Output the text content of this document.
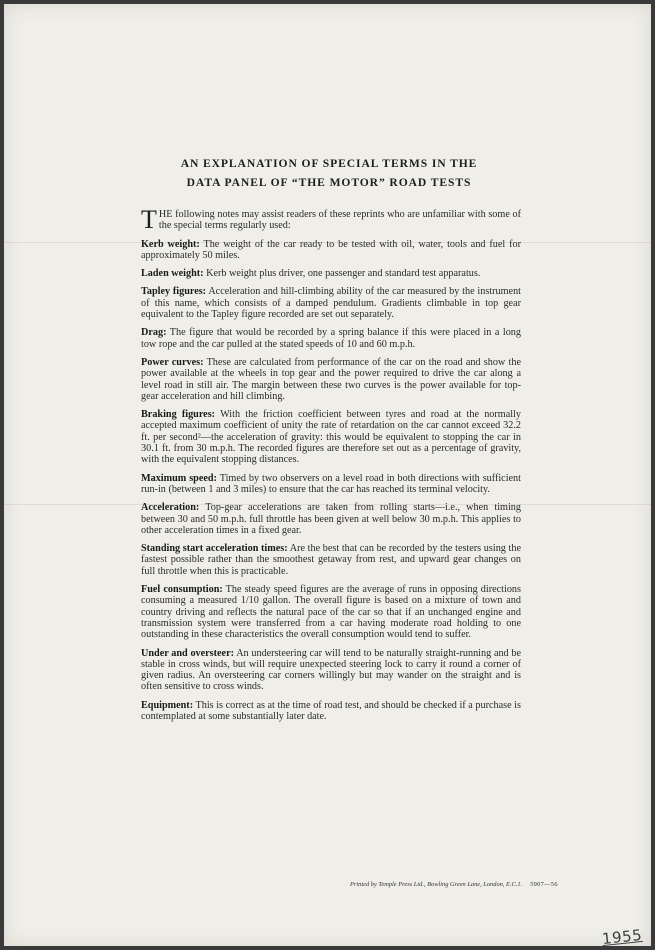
AN EXPLANATION OF SPECIAL TERMS IN THE
DATA PANEL OF “THE MOTOR” ROAD TESTS

THE following notes may assist readers of these reprints who are unfamiliar with some of the special terms regularly used:

Kerb weight: The weight of the car ready to be tested with oil, water, tools and fuel for approximately 50 miles.

Laden weight: Kerb weight plus driver, one passenger and standard test apparatus.

Tapley figures: Acceleration and hill-climbing ability of the car measured by the instrument of this name, which consists of a damped pendulum. Gradients climbable in top gear equivalent to the Tapley figure recorded are set out separately.

Drag: The figure that would be recorded by a spring balance if this were placed in a long tow rope and the car pulled at the stated speeds of 10 and 60 m.p.h.

Power curves: These are calculated from performance of the car on the road and show the power available at the wheels in top gear and the power required to drive the car along a level road in still air. The margin between these two curves is the power available for top-gear acceleration and hill climbing.

Braking figures: With the friction coefficient between tyres and road at the normally accepted maximum coefficient of unity the rate of retardation on the car cannot exceed 32.2 ft. per second²—the acceleration of gravity: this would be equivalent to stopping the car in 30.1 ft. from 30 m.p.h. The recorded figures are therefore set out as a percentage of gravity, with the equivalent stopping distances.

Maximum speed: Timed by two observers on a level road in both directions with sufficient run-in (between 1 and 3 miles) to ensure that the car has reached its terminal velocity.

Acceleration: Top-gear accelerations are taken from rolling starts—i.e., when timing between 30 and 50 m.p.h. full throttle has been given at well below 30 m.p.h. This applies to other acceleration times in a fixed gear.

Standing start acceleration times: Are the best that can be recorded by the testers using the fastest possible rather than the smoothest getaway from rest, and upward gear changes on full throttle when this is practicable.

Fuel consumption: The steady speed figures are the average of runs in opposing directions consuming a measured 1/10 gallon. The overall figure is based on a mixture of town and country driving and reflects the natural pace of the car so that if an unchanged engine and transmission system were transferred from a car having moderate road holding to one outstanding in these characteristics the overall consumption would tend to suffer.

Under and oversteer: An understeering car will tend to be naturally straight-running and be stable in cross winds, but will require unexpected steering lock to carry it round a corner of given radius. An oversteering car corners willingly but may wander on the straight and is often sensitive to cross winds.

Equipment: This is correct as at the time of road test, and should be checked if a purchase is contemplated at some substantially later date.

Printed by Temple Press Ltd., Bowling Green Lane, London, E.C.1. 5907—56
1955
